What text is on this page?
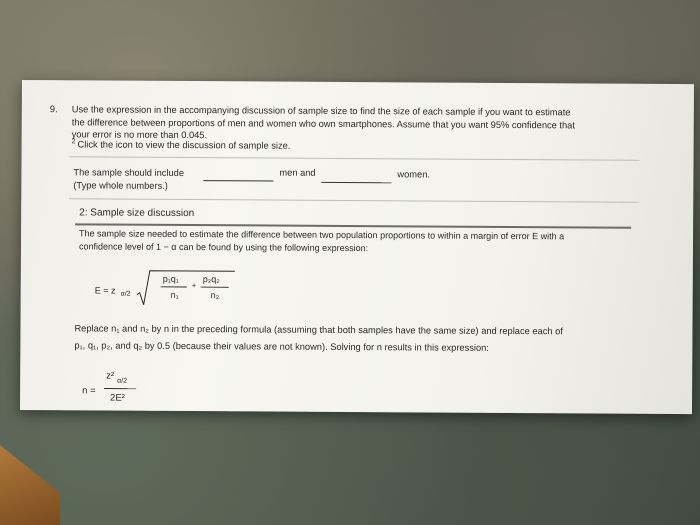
9. Use the expression in the accompanying discussion of sample size to find the size of each sample if you want to estimate
the difference between proportions of men and women who own smartphones. Assume that you want 95% confidence that
your error is no more than 0.045.
$^2$ Click the icon to view the discussion of sample size.
The sample should include	men and	women.
(Type whole numbers.)
2: Sample size discussion
The sample size needed to estimate the difference between two population proportions to within a margin of error E with a
confidence level of 1 − α can be found by using the following expression:
E = z α/2
p₁q₁
n₁
+
p₂q₂
n₂
Replace n₁ and n₂ by n in the preceding formula (assuming that both samples have the same size) and replace each of
p₁, q₁, p₂, and q₂ by 0.5 (because their values are not known). Solving for n results in this expression:
n =
z² α/2
2E²
